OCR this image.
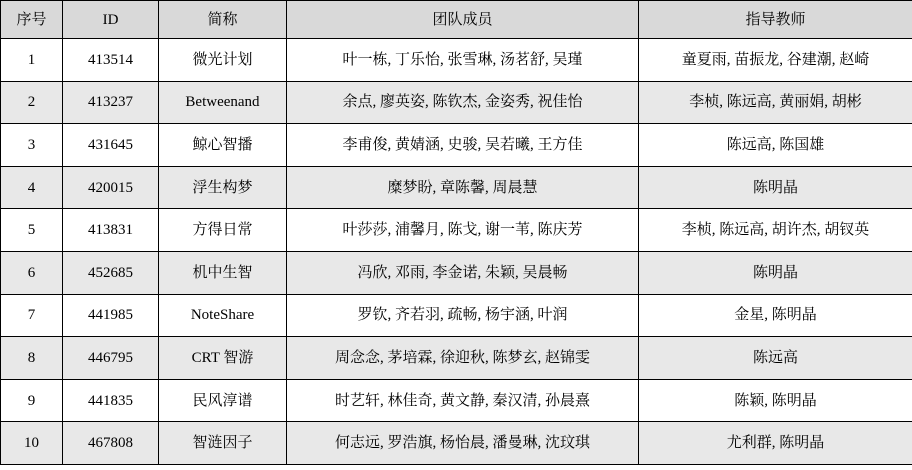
序号	ID	简称	团队成员	指导教师
1	413514	微光计划	叶一栋, 丁乐怡, 张雪琳, 汤茗舒, 吴瑾	童夏雨, 苗振龙, 谷建潮, 赵崎
2	413237	Betweenand	余点, 廖英姿, 陈钦杰, 金姿秀, 祝佳怡	李桢, 陈远高, 黄丽娟, 胡彬
3	431645	鲸心智播	李甫俊, 黄婧涵, 史骏, 吴若曦, 王方佳	陈远高, 陈国雄
4	420015	浮生构梦	糜梦盼, 章陈馨, 周晨慧	陈明晶
5	413831	方得日常	叶莎莎, 浦馨月, 陈戈, 谢一苇, 陈庆芳	李桢, 陈远高, 胡许杰, 胡钗英
6	452685	机中生智	冯欣, 邓雨, 李金诺, 朱颖, 吴晨畅	陈明晶
7	441985	NoteShare	罗钦, 齐若羽, 疏畅, 杨宇涵, 叶润	金星, 陈明晶
8	446795	CRT 智游	周念念, 茅培霖, 徐迎秋, 陈梦玄, 赵锦雯	陈远高
9	441835	民风淳谱	时艺轩, 林佳奇, 黄文静, 秦汉清, 孙晨熹	陈颖, 陈明晶
10	467808	智涟因子	何志远, 罗浩旗, 杨怡晨, 潘曼琳, 沈玟琪	尤利群, 陈明晶
